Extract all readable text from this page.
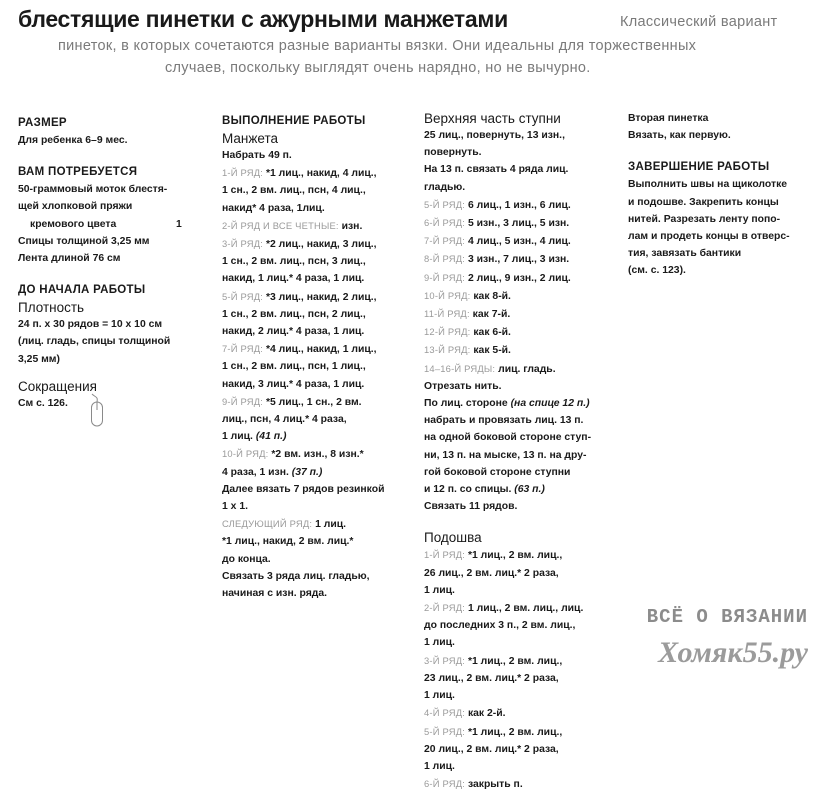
блестящие пинетки с ажурными манжетами	Классический вариант
пинеток, в которых сочетаются разные варианты вязки. Они идеальны для торжественных
случаев, поскольку выглядят очень нарядно, но не вычурно.
РАЗМЕР
Для ребенка 6–9 мес.
ВАМ ПОТРЕБУЕТСЯ
50-граммовый моток блестя-
щей хлопковой пряжи
кремового цвета	1
Спицы толщиной 3,25 мм
Лента длиной 76 см
ДО НАЧАЛА РАБОТЫ
Плотность
24 п. х 30 рядов = 10 х 10 см
(лиц. гладь, спицы толщиной
3,25 мм)
Сокращения
См с. 126.
ВЫПОЛНЕНИЕ РАБОТЫ
Манжета
Набрать 49 п.
1-Й РЯД: *1 лиц., накид, 4 лиц.,
1 сн., 2 вм. лиц., псн, 4 лиц.,
накид* 4 раза, 1лиц.
2-Й РЯД И ВСЕ ЧЕТНЫЕ: изн.
3-Й РЯД: *2 лиц., накид, 3 лиц.,
1 сн., 2 вм. лиц., псн, 3 лиц.,
накид, 1 лиц.* 4 раза, 1 лиц.
5-Й РЯД: *3 лиц., накид, 2 лиц.,
1 сн., 2 вм. лиц., псн, 2 лиц.,
накид, 2 лиц.* 4 раза, 1 лиц.
7-Й РЯД: *4 лиц., накид, 1 лиц.,
1 сн., 2 вм. лиц., псн, 1 лиц.,
накид, 3 лиц.* 4 раза, 1 лиц.
9-Й РЯД: *5 лиц., 1 сн., 2 вм.
лиц., псн, 4 лиц.* 4 раза,
1 лиц. (41 п.)
10-Й РЯД: *2 вм. изн., 8 изн.*
4 раза, 1 изн. (37 п.)
Далее вязать 7 рядов резинкой
1 х 1.
СЛЕДУЮЩИЙ РЯД: 1 лиц.
*1 лиц., накид, 2 вм. лиц.*
до конца.
Связать 3 ряда лиц. гладью,
начиная с изн. ряда.
Верхняя часть ступни
25 лиц., повернуть, 13 изн.,
повернуть.
На 13 п. связать 4 ряда лиц.
гладью.
5-Й РЯД: 6 лиц., 1 изн., 6 лиц.
6-Й РЯД: 5 изн., 3 лиц., 5 изн.
7-Й РЯД: 4 лиц., 5 изн., 4 лиц.
8-Й РЯД: 3 изн., 7 лиц., 3 изн.
9-Й РЯД: 2 лиц., 9 изн., 2 лиц.
10-Й РЯД: как 8-й.
11-Й РЯД: как 7-й.
12-Й РЯД: как 6-й.
13-Й РЯД: как 5-й.
14–16-Й РЯДЫ: лиц. гладь.
Отрезать нить.
По лиц. стороне (на спице 12 п.)
набрать и провязать лиц. 13 п.
на одной боковой стороне ступ-
ни, 13 п. на мыске, 13 п. на дру-
гой боковой стороне ступни
и 12 п. со спицы. (63 п.)
Связать 11 рядов.
Подошва
1-Й РЯД: *1 лиц., 2 вм. лиц.,
26 лиц., 2 вм. лиц.* 2 раза,
1 лиц.
2-Й РЯД: 1 лиц., 2 вм. лиц., лиц.
до последних 3 п., 2 вм. лиц.,
1 лиц.
3-Й РЯД: *1 лиц., 2 вм. лиц.,
23 лиц., 2 вм. лиц.* 2 раза,
1 лиц.
4-Й РЯД: как 2-й.
5-Й РЯД: *1 лиц., 2 вм. лиц.,
20 лиц., 2 вм. лиц.* 2 раза,
1 лиц.
6-Й РЯД: закрыть п.
Вторая пинетка
Вязать, как первую.
ЗАВЕРШЕНИЕ РАБОТЫ
Выполнить швы на щиколотке
и подошве. Закрепить концы
нитей. Разрезать ленту попо-
лам и продеть концы в отверс-
тия, завязать бантики
(см. с. 123).
ВСЁ О ВЯЗАНИИ
Хомяк55.ру
